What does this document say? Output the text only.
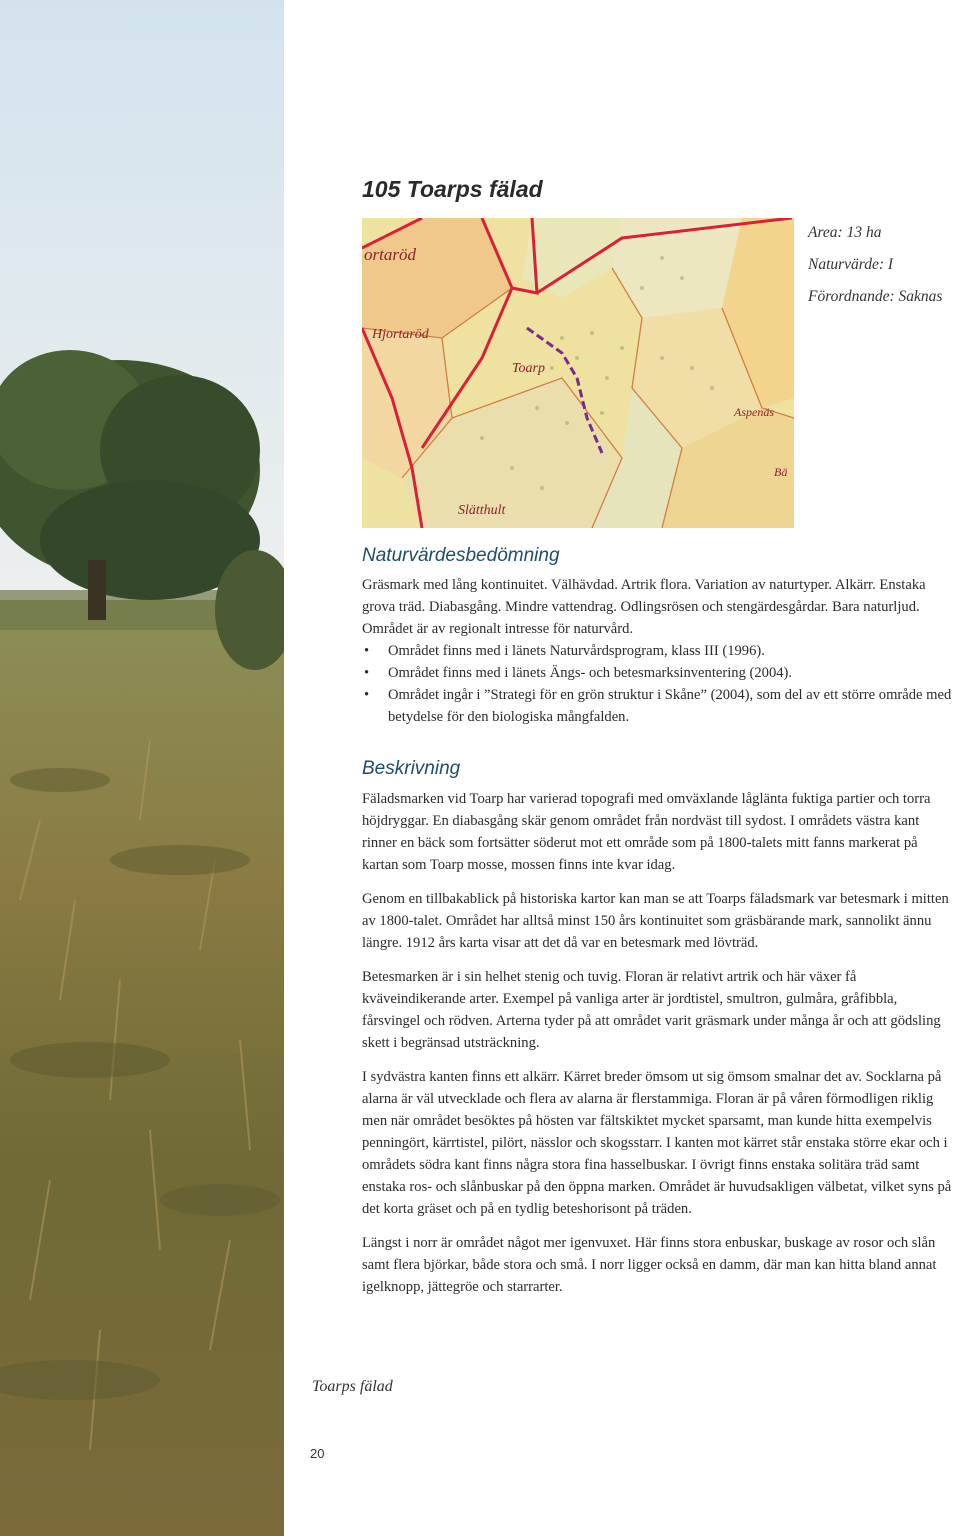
105 Toarps fälad
ortaröd
Hjortaröd
Toarp
Aspenäs
Bä
Slätthult
Area: 13 ha
Naturvärde: I
Förordnande: Saknas
Naturvärdesbedömning
Gräsmark med lång kontinuitet. Välhävdad. Artrik flora. Variation av naturtyper. Alkärr. Enstaka grova träd. Diabasgång. Mindre vattendrag. Odlingsrösen och stengärdesgårdar. Bara naturljud. Området är av regionalt intresse för naturvård.
• Området finns med i länets Naturvårdsprogram, klass III (1996).
• Området finns med i länets Ängs- och betesmarksinventering (2004).
• Området ingår i ”Strategi för en grön struktur i Skåne” (2004), som del av ett större område med betydelse för den biologiska mångfalden.
Beskrivning

Fäladsmarken vid Toarp har varierad topografi med omväxlande låglänta fuktiga partier och torra höjdryggar. En diabasgång skär genom området från nordväst till sydost. I områdets västra kant rinner en bäck som fortsätter söderut mot ett område som på 1800-talets mitt fanns markerat på kartan som Toarp mosse, mossen finns inte kvar idag.

Genom en tillbakablick på historiska kartor kan man se att Toarps fäladsmark var betesmark i mitten av 1800-talet. Området har alltså minst 150 års kontinuitet som gräsbärande mark, sannolikt ännu längre. 1912 års karta visar att det då var en betesmark med lövträd.

Betesmarken är i sin helhet stenig och tuvig. Floran är relativt artrik och här växer få kväveindikerande arter. Exempel på vanliga arter är jordtistel, smultron, gulmåra, gråfibbla, fårsvingel och rödven. Arterna tyder på att området varit gräsmark under många år och att gödsling skett i begränsad utsträckning.

I sydvästra kanten finns ett alkärr. Kärret breder ömsom ut sig ömsom smalnar det av. Socklarna på alarna är väl utvecklade och flera av alarna är flerstammiga. Floran är på våren förmodligen riklig men när området besöktes på hösten var fältskiktet mycket sparsamt, man kunde hitta exempelvis penningört, kärrtistel, pilört, nässlor och skogsstarr. I kanten mot kärret står enstaka större ekar och i områdets södra kant finns några stora fina hasselbuskar. I övrigt finns enstaka solitära träd samt enstaka ros- och slånbuskar på den öppna marken. Området är huvudsakligen välbetat, vilket syns på det korta gräset och på en tydlig beteshorisont på träden.

Längst i norr är området något mer igenvuxet. Här finns stora enbuskar, buskage av rosor och slån samt flera björkar, både stora och små. I norr ligger också en damm, där man kan hitta bland annat igelknopp, jättegröe och starrarter.

Toarps fälad
20
